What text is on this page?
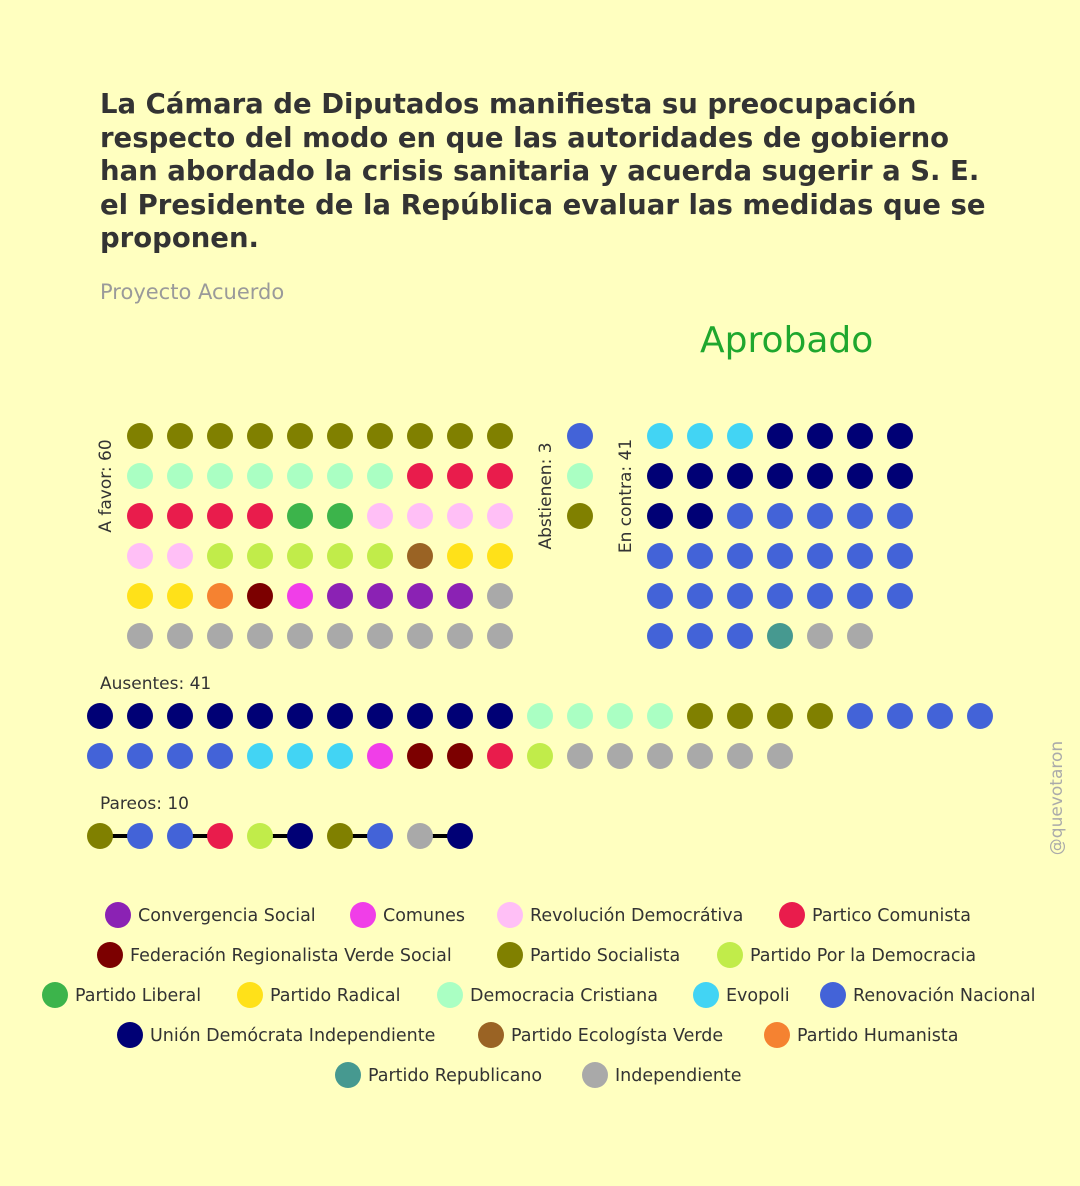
La Cámara de Diputados manifiesta su preocupación respecto del modo en que las autoridades de gobierno han abordado la crisis sanitaria y acuerda sugerir a S. E. el Presidente de la República evaluar las medidas que se proponen.
Proyecto Acuerdo
Aprobado
A favor: 60	Abstienen: 3	En contra: 41
Ausentes: 41
Pareos: 10
Convergencia Social	Comunes	Revolución Democrátiva	Partico Comunista
Federación Regionalista Verde Social	Partido Socialista	Partido Por la Democracia
Partido Liberal	Partido Radical	Democracia Cristiana	Evopoli	Renovación Nacional
Unión Demócrata Independiente	Partido Ecologísta Verde	Partido Humanista
Partido Republicano	Independiente
@quevotaron
